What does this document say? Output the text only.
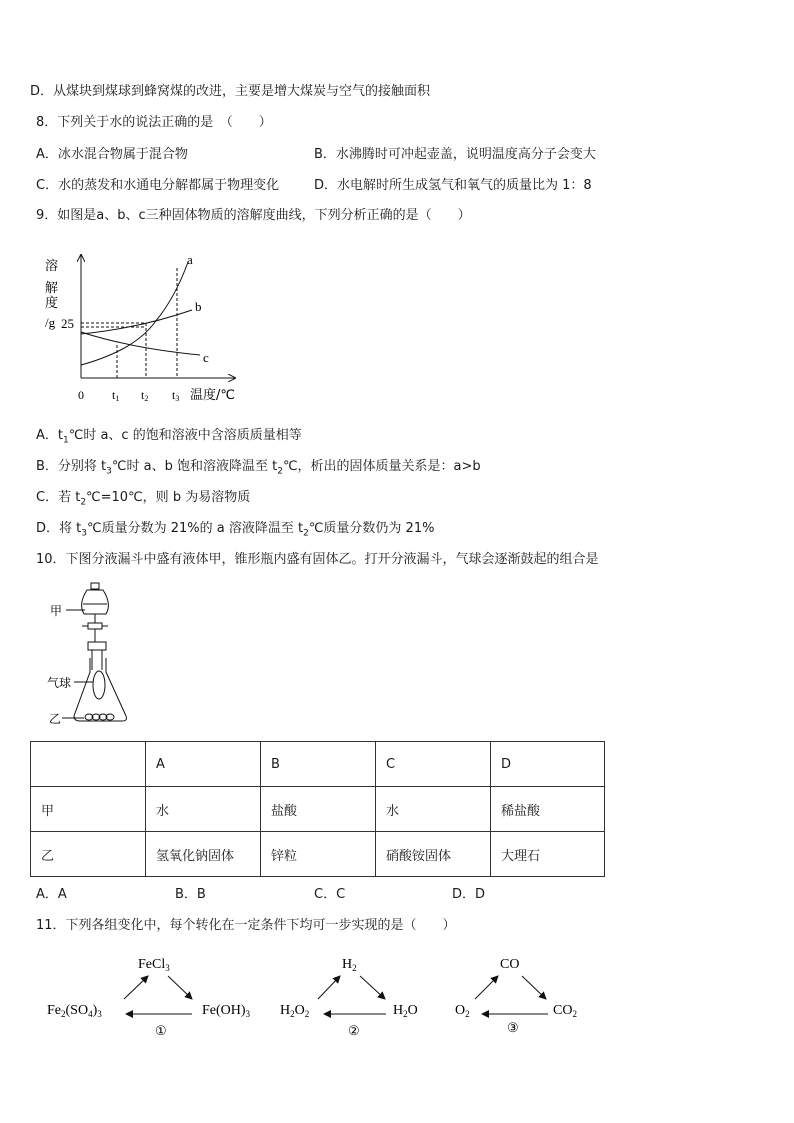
D．从煤块到煤球到蜂窝煤的改进，主要是增大煤炭与空气的接触面积
8．下列关于水的说法正确的是　（　　）
A．冰水混合物属于混合物	B．水沸腾时可冲起壶盖，说明温度高分子会变大
C．水的蒸发和水通电分解都属于物理变化	D．水电解时所生成氢气和氧气的质量比为 1：8
9．如图是a、b、c三种固体物质的溶解度曲线，下列分析正确的是（　　）
溶
解
度
/g 25
a
b
c
0 t1 t2 t3 温度/℃
A．$t_1℃$时 a、c 的饱和溶液中含溶质质量相等
B．分别将 $t_3℃$时 a、b 饱和溶液降温至 $t_2℃$，析出的固体质量关系是：a>b
C．若 $t_2℃=10℃$，则 b 为易溶物质
D．将 $t_3℃$质量分数为 21%的 a 溶液降温至 $t_2℃$质量分数仍为 21%
10．下图分液漏斗中盛有液体甲，锥形瓶内盛有固体乙。打开分液漏斗，气球会逐渐鼓起的组合是
甲
气球
乙
	A	B	C	D
甲	水	盐酸	水	稀盐酸
乙	氢氧化钠固体	锌粒	硝酸铵固体	大理石
A．A	B．B	C．C	D．D
11．下列各组变化中，每个转化在一定条件下均可一步实现的是（　　）
FeCl$_3$
$Fe_2(SO_4)_3$	$Fe(OH)_3$
①
$H_2$
$H_2O_2$	$H_2O$
②
CO
$O_2$	$CO_2$
③
